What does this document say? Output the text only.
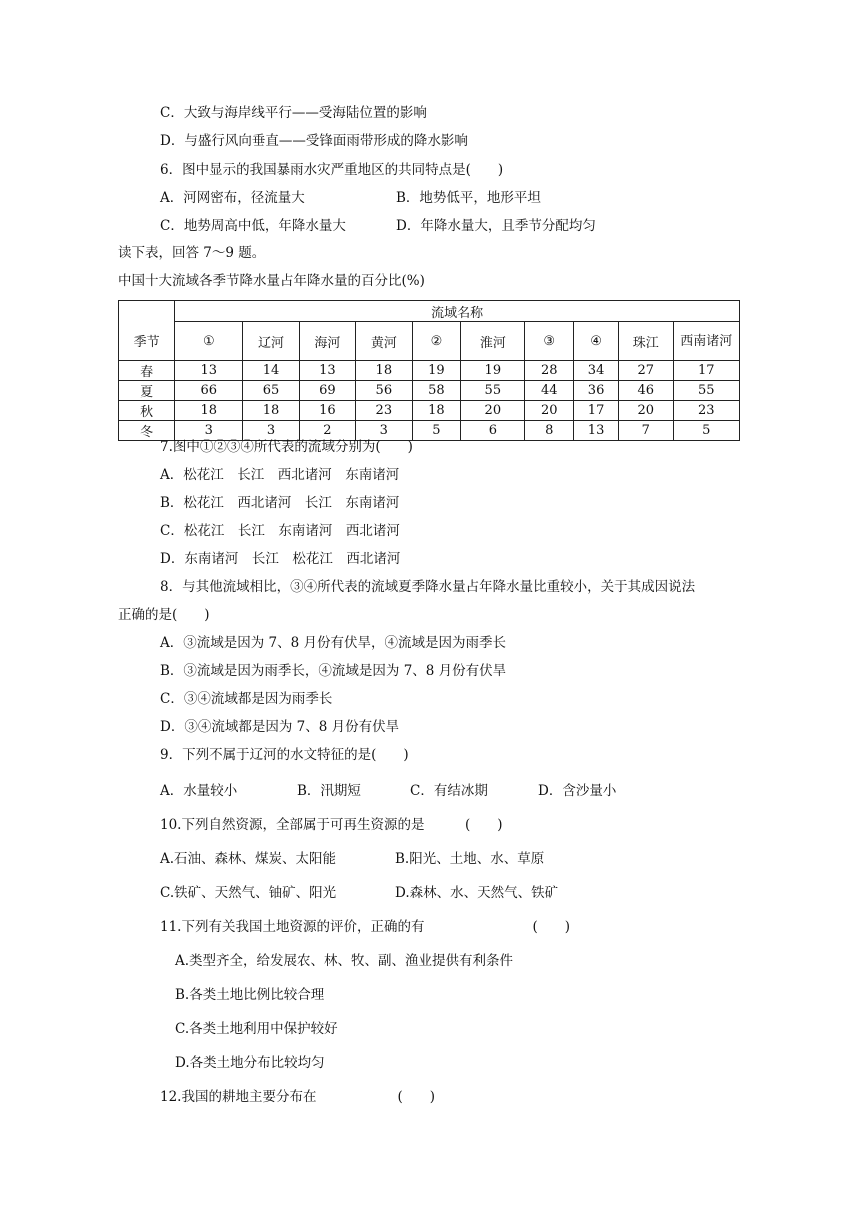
C．大致与海岸线平行——受海陆位置的影响
D．与盛行风向垂直——受锋面雨带形成的降水影响
6．图中显示的我国暴雨水灾严重地区的共同特点是(　　)
A．河网密布，径流量大	B．地势低平，地形平坦
C．地势周高中低，年降水量大	D．年降水量大，且季节分配均匀
读下表，回答 7～9 题。
中国十大流域各季节降水量占年降水量的百分比(%)
	流域名称									
季节	①	辽河	海河	黄河	②	淮河	③	④	珠江	西南诸河

春	13	14	13	18	19	19	28	34	27	17
夏	66	65	69	56	58	55	44	36	46	55
秋	18	18	16	23	18	20	20	17	20	23
冬	3	3	2	3	5	6	8	13	7	5
7.图中①②③④所代表的流域分别为(　　)
A．松花江　长江　西北诸河　东南诸河
B．松花江　西北诸河　长江　东南诸河
C．松花江　长江　东南诸河　西北诸河
D．东南诸河　长江　松花江　西北诸河
8．与其他流域相比，③④所代表的流域夏季降水量占年降水量比重较小，关于其成因说法
正确的是(　　)
A．③流域是因为 7、8 月份有伏旱，④流域是因为雨季长
B．③流域是因为雨季长，④流域是因为 7、8 月份有伏旱
C．③④流域都是因为雨季长
D．③④流域都是因为 7、8 月份有伏旱
9．下列不属于辽河的水文特征的是(　　)
A．水量较小	B．汛期短	C．有结冰期	D．含沙量小
10.下列自然资源，全部属于可再生资源的是　　　(　　)
A.石油、森林、煤炭、太阳能	B.阳光、土地、水、草原
C.铁矿、天然气、铀矿、阳光	D.森林、水、天然气、铁矿
11.下列有关我国土地资源的评价，正确的有　　　　　　　　(　　)
A.类型齐全，给发展农、林、牧、副、渔业提供有利条件
B.各类土地比例比较合理
C.各类土地利用中保护较好
D.各类土地分布比较均匀
12.我国的耕地主要分布在　　　　　　(　　)
